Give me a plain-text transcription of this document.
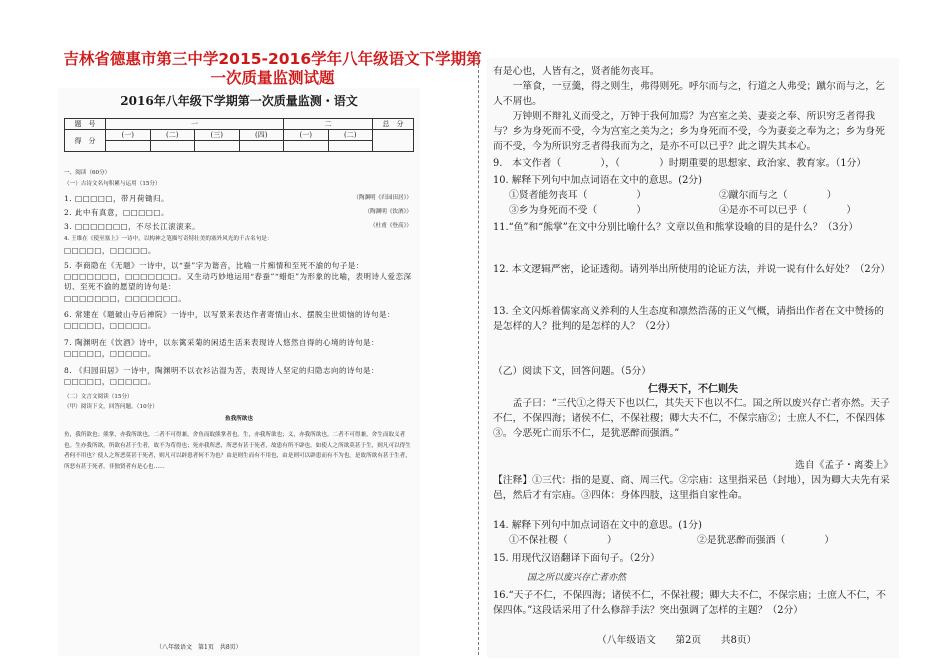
吉林省德惠市第三中学2015-2016学年八年级语文下学期第一次质量监测试题
2016年八年级下学期第一次质量监测・语文
题　号	一				二		总　分
得　分	(一)	(二)	(三)	(四)	(一)	(二)	

一、阅读（60分）
（一）古诗文名句积累与运用（15分）
1. □□□□□，带月荷锄归。	（陶渊明《归园田居》）
2. 此中有真意，□□□□□。	（陶渊明《饮酒》）
3. □□□□□□□，不尽长江滚滚来。	（杜甫《登高》）
4. 王维在《使至塞上》一诗中，以构神之笔描写奇特壮美的塞外风光的千古名句是：
□□□□□，□□□□□。
5. 李商隐在《无题》一诗中，以“蚕”字为谐音，比喻一片痴情和至死不渝的句子是：□□□□□□□，□□□□□□□。又生动巧妙地运用“春蚕”“蜡炬”为形象的比喻，表明诗人爱恋深切、至死不渝的愿望的诗句是：
□□□□□□□，□□□□□□□。
6. 常建在《题破山寺后禅院》一诗中，以写景来表达作者寄情山水、摆脱尘世烦恼的诗句是：□□□□□，□□□□□。
7. 陶渊明在《饮酒》诗中，以东篱采菊的闲适生活来表现诗人悠然自得的心境的诗句是：□□□□□，□□□□□。
8. 《归园田居》一诗中，陶渊明不以衣衫沾湿为苦，表现诗人坚定的归隐志向的诗句是：□□□□□，□□□□□。
（二）文言文阅读（15分）
（甲）阅读下文，回答问题。（10分）
鱼我所欲也
鱼，我所欲也；熊掌，亦我所欲也。二者不可得兼，舍鱼而取熊掌者也。生，亦我所欲也；义，亦我所欲也。二者不可得兼，舍生而取义者也。生亦我所欲，所欲有甚于生者，故不为苟得也；死亦我所恶，所恶有甚于死者，故患有所不辟也。如使人之所欲莫甚于生，则凡可以得生者何不用也？使人之所恶莫甚于死者，则凡可以辟患者何不为也？由是则生而有不用也，由是则可以辟患而有不为也。是故所欲有甚于生者，所恶有甚于死者，非独贤者有是心也……
（八年级语文　第1页　共8页）
有是心也，人皆有之，贤者能勿丧耳。
一箪食，一豆羹，得之则生，弗得则死。呼尔而与之，行道之人弗受；蹴尔而与之，乞人不屑也。
万钟则不辩礼义而受之，万钟于我何加焉？为宫室之美、妻妾之奉、所识穷乏者得我与？乡为身死而不受，今为宫室之美为之；乡为身死而不受，今为妻妾之奉为之；乡为身死而不受，今为所识穷乏者得我而为之，是亦不可以已乎？此之谓失其本心。
9.　本文作者（　　　　），（　　　　）时期重要的思想家、政治家、教育家。（1分）
10. 解释下列句中加点词语在文中的意思。(2分)
①贤者能勿丧耳（　　　　　）	②蹴尔而与之（　　　　）
③乡为身死而不受（　　　　）	④是亦不可以已乎（　　　　）
11.“鱼”和“熊掌”在文中分别比喻什么？文章以鱼和熊掌设喻的目的是什么？（3分）
12. 本文逻辑严密，论证透彻。请列举出所使用的论证方法，并说一说有什么好处？（2分）
13. 全文闪烁着儒家高义养利的人生态度和凛然浩荡的正义气概，请指出作者在文中赞扬的是怎样的人？批判的是怎样的人？（2分）
（乙）阅读下文，回答问题。（5分）
仁得天下，不仁则失
孟子曰：“三代①之得天下也以仁，其失天下也以不仁。国之所以废兴存亡者亦然。天子不仁，不保四海；诸侯不仁，不保社稷；卿大夫不仁，不保宗庙②；士庶人不仁，不保四体③。今恶死亡而乐不仁，是犹恶醉而强酒。”
选自《孟子・离娄上》
【注释】①三代：指的是夏、商、周三代。②宗庙：这里指采邑（封地），因为卿大夫先有采邑，然后才有宗庙。③四体：身体四肢，这里指自家性命。
14. 解释下列句中加点词语在文中的意思。(1分)
①不保社稷（　　　　）	②是犹恶醉而强酒（　　　　）
15. 用现代汉语翻译下面句子。（2分）
国之所以废兴存亡者亦然
16.“天子不仁，不保四海；诸侯不仁，不保社稷；卿大夫不仁，不保宗庙；士庶人不仁，不保四体。”这段话采用了什么修辞手法？突出强调了怎样的主题？（2分）
（八年级语文　　第2页　　共8页）
